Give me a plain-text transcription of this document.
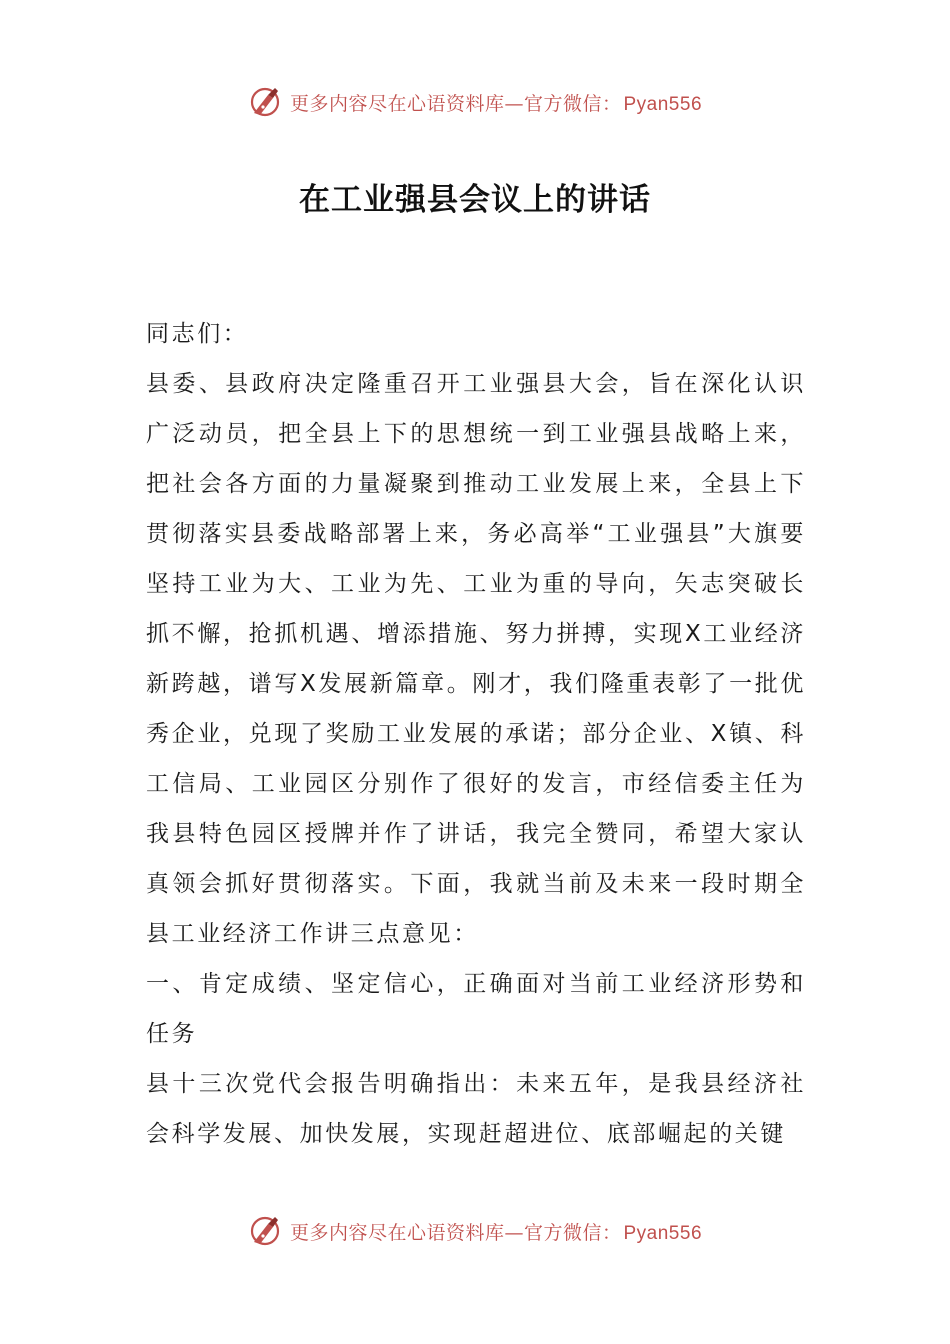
更多内容尽在心语资料库—官方微信： Pyan556
在工业强县会议上的讲话

同志们：

县委、县政府决定隆重召开工业强县大会，旨在深化认识广泛动员，把全县上下的思想统一到工业强县战略上来，把社会各方面的力量凝聚到推动工业发展上来，全县上下贯彻落实县委战略部署上来，务必高举“工业强县”大旗要坚持工业为大、工业为先、工业为重的导向，矢志突破长抓不懈，抢抓机遇、增添措施、努力拼搏，实现X工业经济新跨越，谱写X发展新篇章。刚才，我们隆重表彰了一批优秀企业，兑现了奖励工业发展的承诺；部分企业、X镇、科工信局、工业园区分别作了很好的发言，市经信委主任为我县特色园区授牌并作了讲话，我完全赞同，希望大家认真领会抓好贯彻落实。下面，我就当前及未来一段时期全县工业经济工作讲三点意见：

一、肯定成绩、坚定信心，正确面对当前工业经济形势和任务

县十三次党代会报告明确指出：未来五年，是我县经济社会科学发展、加快发展，实现赶超进位、底部崛起的关键

更多内容尽在心语资料库—官方微信： Pyan556
